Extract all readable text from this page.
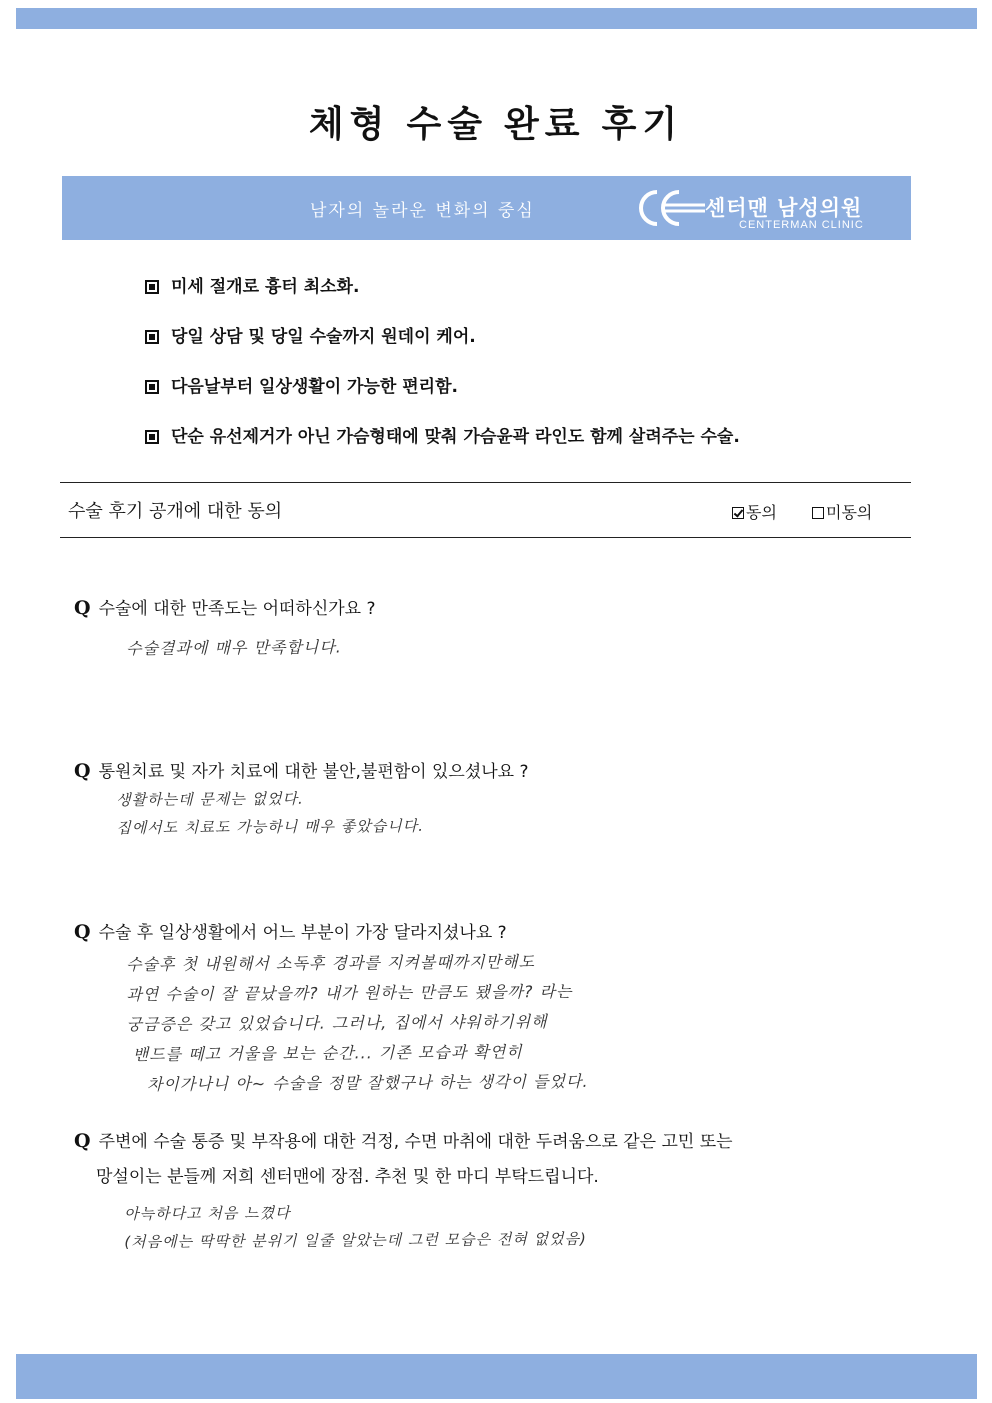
체형 수술 완료 후기
남자의 놀라운 변화의 중심	센터맨 남성의원
CENTERMAN CLINIC
미세 절개로 흉터 최소화.
당일 상담 및 당일 수술까지 원데이 케어.
다음날부터 일상생활이 가능한 편리함.
단순 유선제거가 아닌 가슴형태에 맞춰 가슴윤곽 라인도 함께 살려주는 수술.
수술 후기 공개에 대한 동의	동의	미동의
Q 수술에 대한 만족도는 어떠하신가요 ?
수술결과에 매우 만족합니다.
Q 통원치료 및 자가 치료에 대한 불안,불편함이 있으셨나요 ?
생활하는데 문제는 없었다.
집에서도 치료도 가능하니 매우 좋았습니다.
Q 수술 후 일상생활에서 어느 부분이 가장 달라지셨나요 ?
수술후 첫 내원해서 소독후 경과를 지켜볼때까지만해도
과연 수술이 잘 끝났을까? 내가 원하는 만큼도 됐을까? 라는
궁금증은 갖고 있었습니다. 그러나, 집에서 샤워하기위해
밴드를 떼고 거울을 보는 순간... 기존 모습과 확연히
차이가나니 아~ 수술을 정말 잘했구나 하는 생각이 들었다.
Q 주변에 수술 통증 및 부작용에 대한 걱정, 수면 마취에 대한 두려움으로 같은 고민 또는
망설이는 분들께 저희 센터맨에 장점. 추천 및 한 마디 부탁드립니다.
아늑하다고 처음 느꼈다
(처음에는 딱딱한 분위기 일줄 알았는데 그런 모습은 전혀 없었음)
